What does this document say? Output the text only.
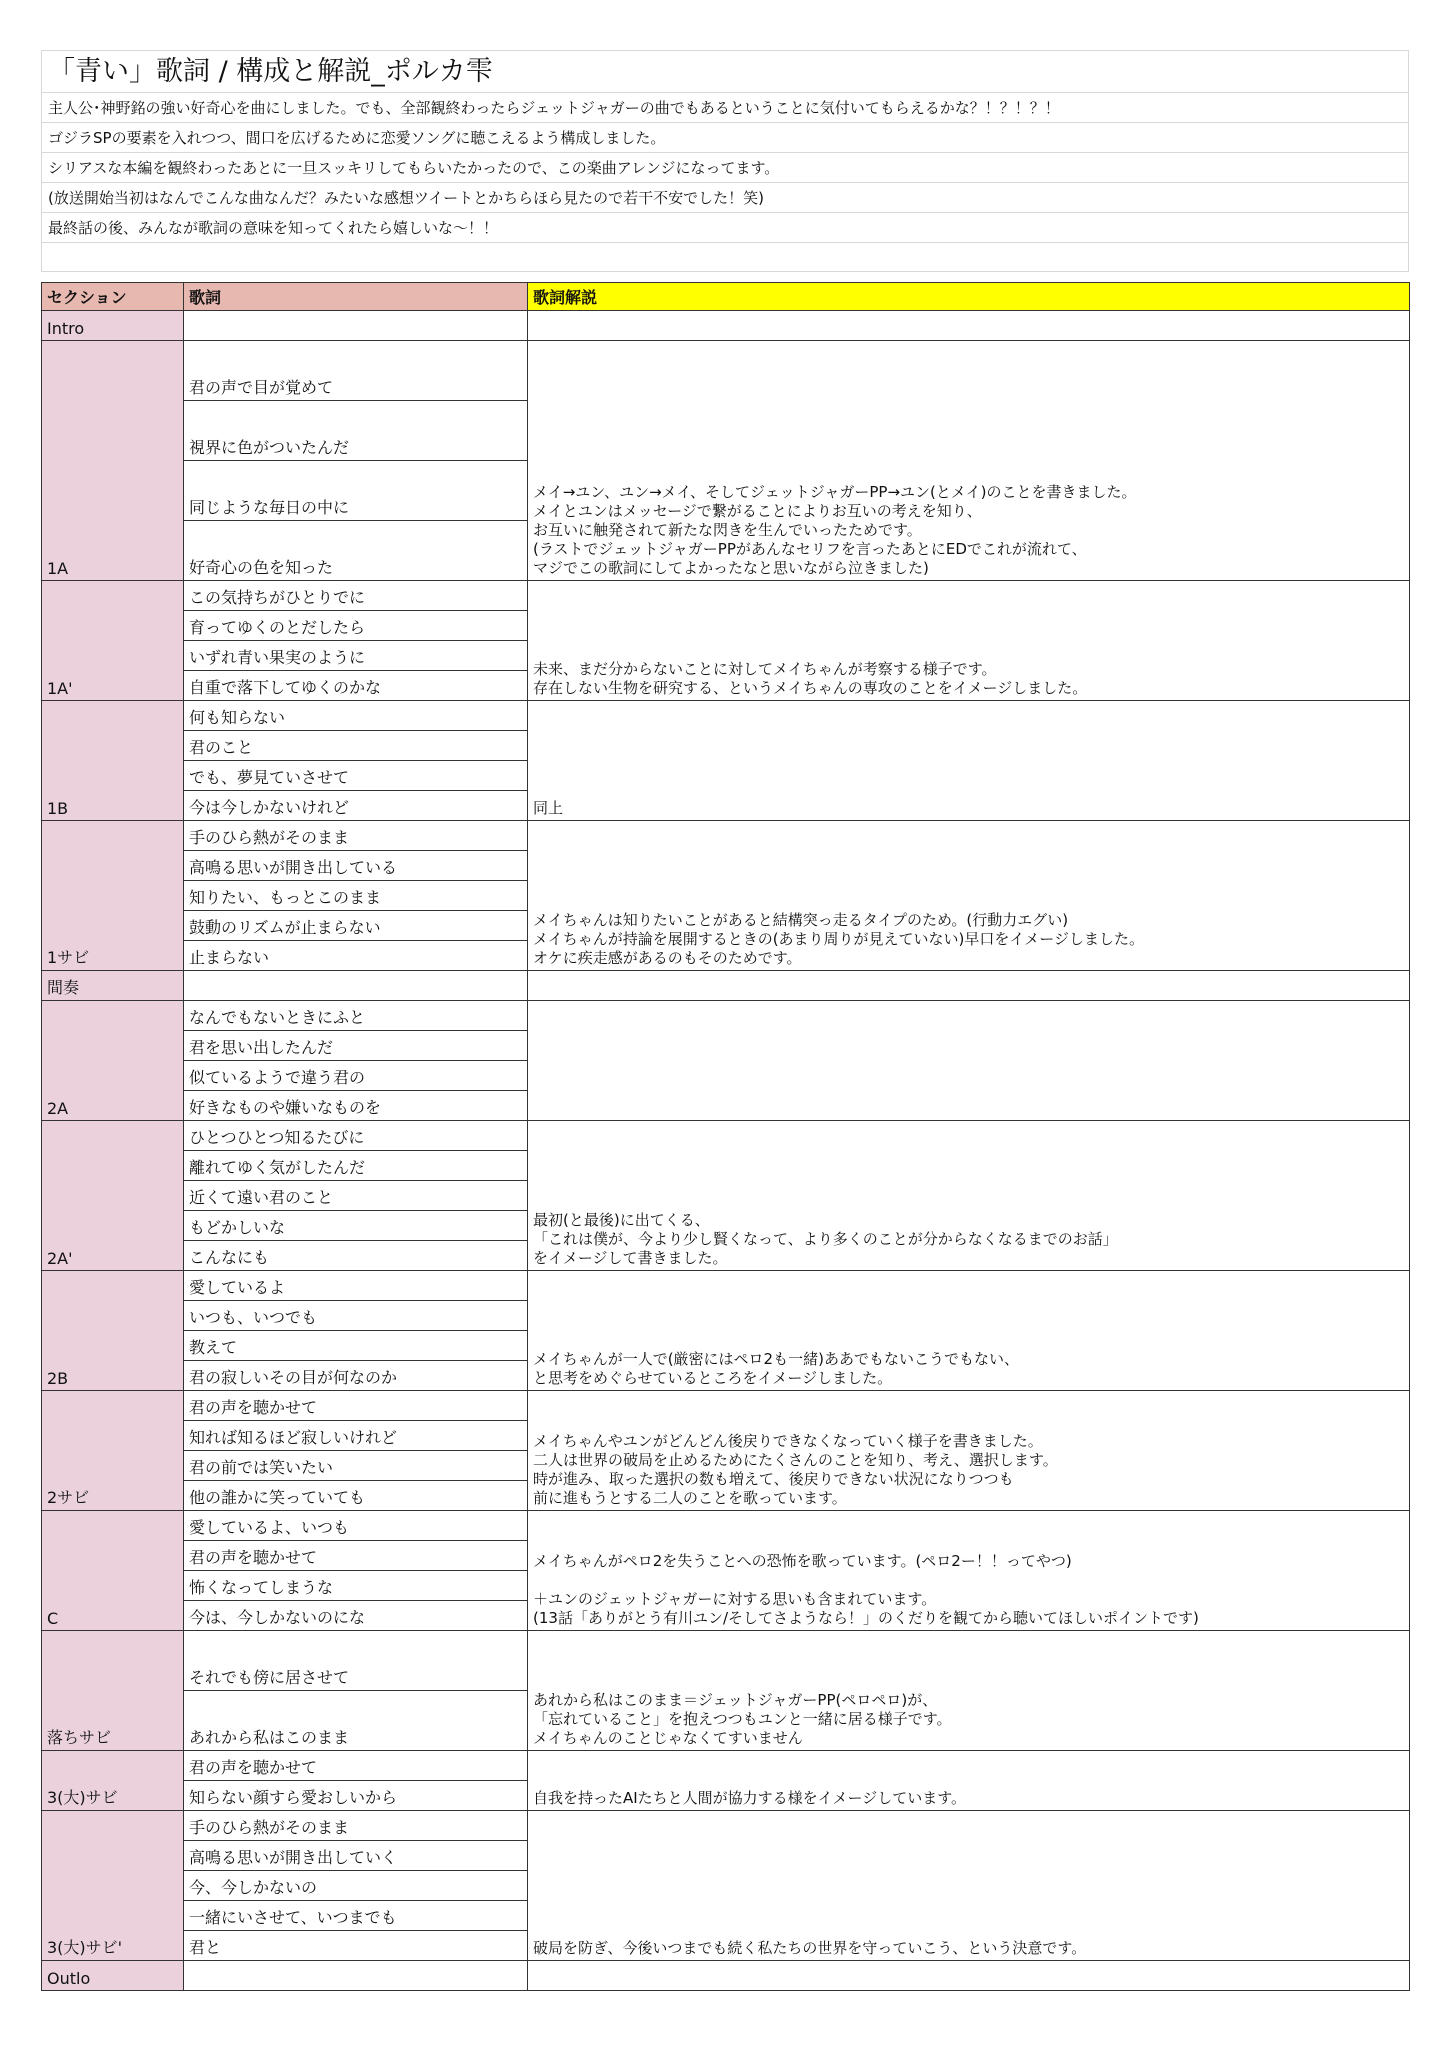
「青い」歌詞 / 構成と解説_ポルカ雫
主人公･神野銘の強い好奇心を曲にしました。でも、全部観終わったらジェットジャガーの曲でもあるということに気付いてもらえるかな？！？！？！
ゴジラSPの要素を入れつつ、間口を広げるために恋愛ソングに聴こえるよう構成しました。
シリアスな本編を観終わったあとに一旦スッキリしてもらいたかったので、この楽曲アレンジになってます。
(放送開始当初はなんでこんな曲なんだ？みたいな感想ツイートとかちらほら見たので若干不安でした！笑)
最終話の後、みんなが歌詞の意味を知ってくれたら嬉しいな～！！
セクション	歌詞	歌詞解説
Intro		
1A	君の声で目が覚めて	メイ→ユン、ユン→メイ、そしてジェットジャガーPP→ユン(とメイ)のことを書きました。
メイとユンはメッセージで繋がることによりお互いの考えを知り、
お互いに触発されて新たな閃きを生んでいったためです。
(ラストでジェットジャガーPPがあんなセリフを言ったあとにEDでこれが流れて、
マジでこの歌詞にしてよかったなと思いながら泣きました)
	視界に色がついたんだ	
	同じような毎日の中に	
	好奇心の色を知った	
1A'	この気持ちがひとりでに	未来、まだ分からないことに対してメイちゃんが考察する様子です。
存在しない生物を研究する、というメイちゃんの専攻のことをイメージしました。
	育ってゆくのとだしたら	
	いずれ青い果実のように	
	自重で落下してゆくのかな	
1B	何も知らない	同上
	君のこと	
	でも、夢見ていさせて	
	今は今しかないけれど	
1サビ	手のひら熱がそのまま	メイちゃんは知りたいことがあると結構突っ走るタイプのため。(行動力エグい)
メイちゃんが持論を展開するときの(あまり周りが見えていない)早口をイメージしました。
オケに疾走感があるのもそのためです。
	高鳴る思いが開き出している	
	知りたい、もっとこのまま	
	鼓動のリズムが止まらない	
	止まらない	
間奏		
2A	なんでもないときにふと	
	君を思い出したんだ	
	似ているようで違う君の	
	好きなものや嫌いなものを	
2A'	ひとつひとつ知るたびに	最初(と最後)に出てくる、
「これは僕が、今より少し賢くなって、より多くのことが分からなくなるまでのお話」
をイメージして書きました。
	離れてゆく気がしたんだ	
	近くて遠い君のこと	
	もどかしいな	
	こんなにも	
2B	愛しているよ	メイちゃんが一人で(厳密にはペロ2も一緒)ああでもないこうでもない、
と思考をめぐらせているところをイメージしました。
	いつも、いつでも	
	教えて	
	君の寂しいその目が何なのか	
2サビ	君の声を聴かせて	メイちゃんやユンがどんどん後戻りできなくなっていく様子を書きました。
二人は世界の破局を止めるためにたくさんのことを知り、考え、選択します。
時が進み、取った選択の数も増えて、後戻りできない状況になりつつも
前に進もうとする二人のことを歌っています。
	知れば知るほど寂しいけれど	
	君の前では笑いたい	
	他の誰かに笑っていても	
C	愛しているよ、いつも	メイちゃんがペロ2を失うことへの恐怖を歌っています。(ペロ2ー！！ってやつ)

＋ユンのジェットジャガーに対する思いも含まれています。
(13話「ありがとう有川ユン/そしてさようなら！」のくだりを観てから聴いてほしいポイントです)
	君の声を聴かせて	
	怖くなってしまうな	
	今は、今しかないのにな	
落ちサビ	それでも傍に居させて	あれから私はこのまま＝ジェットジャガーPP(ペロペロ)が、
「忘れていること」を抱えつつもユンと一緒に居る様子です。
メイちゃんのことじゃなくてすいません
	あれから私はこのまま	
3(大)サビ	君の声を聴かせて	自我を持ったAIたちと人間が協力する様をイメージしています。
	知らない顔すら愛おしいから	
3(大)サビ'	手のひら熱がそのまま	破局を防ぎ、今後いつまでも続く私たちの世界を守っていこう、という決意です。
	高鳴る思いが開き出していく	
	今、今しかないの	
	一緒にいさせて、いつまでも	
	君と	
Outlo		
